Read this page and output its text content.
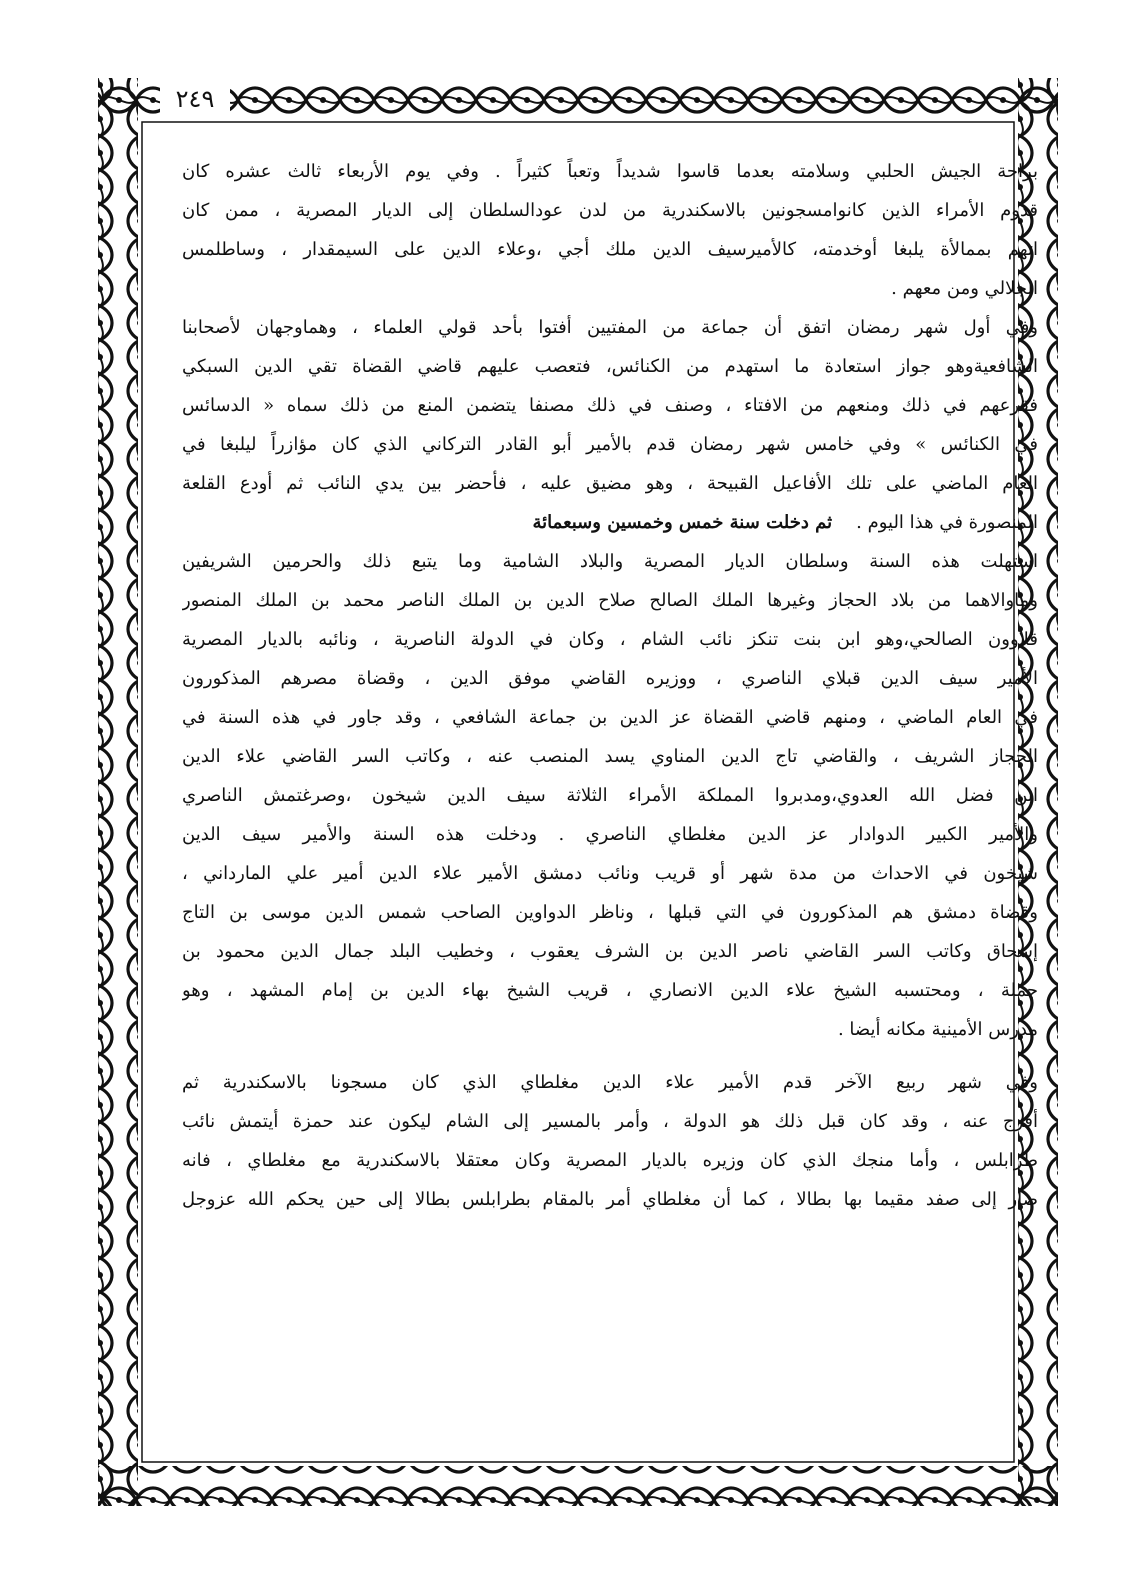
٢٤٩

براحة الجيش الحلبي وسلامته بعدما قاسوا شديداً وتعباً كثيراً . وفي يوم الأربعاء ثالث عشره كان

قدوم الأمراء الذين كانوامسجونين بالاسكندرية من لدن عودالسلطان إلى الديار المصرية ، ممن كان

اتهم بممالأة يلبغا أوخدمته، كالأميرسيف الدين ملك أجي ،وعلاء الدين على السيمقدار ، وساطلمس

الجلالي ومن معهم .

وفي أول شهر رمضان اتفق أن جماعة من المفتيين أفتوا بأحد قولي العلماء ، وهماوجهان لأصحابنا

الشافعيةوهو جواز استعادة ما استهدم من الكنائس، فتعصب عليهم قاضي القضاة تقي الدين السبكي

فقرعهم في ذلك ومنعهم من الافتاء ، وصنف في ذلك مصنفا يتضمن المنع من ذلك سماه « الدسائس

في الكنائس » وفي خامس شهر رمضان قدم بالأمير أبو القادر التركاني الذي كان مؤازراً ليلبغا في

العام الماضي على تلك الأفاعيل القبيحة ، وهو مضيق عليه ، فأحضر بين يدي النائب ثم أودع القلعة

المنصورة في هذا اليوم .ثم دخلت سنة خمس وخمسين وسبعمائة

استهلت هذه السنة وسلطان الديار المصرية والبلاد الشامية وما يتبع ذلك والحرمين الشريفين

وماوالاهما من بلاد الحجاز وغيرها الملك الصالح صلاح الدين بن الملك الناصر محمد بن الملك المنصور

قلاوون الصالحي،وهو ابن بنت تنكز نائب الشام ، وكان في الدولة الناصرية ، ونائبه بالديار المصرية

الأمير سيف الدين قبلاي الناصري ، ووزيره القاضي موفق الدين ، وقضاة مصرهم المذكورون

في العام الماضي ، ومنهم قاضي القضاة عز الدين بن جماعة الشافعي ، وقد جاور في هذه السنة في

الحجاز الشريف ، والقاضي تاج الدين المناوي يسد المنصب عنه ، وكاتب السر القاضي علاء الدين

ابن فضل الله العدوي،ومدبروا المملكة الأمراء الثلاثة سيف الدين شيخون ،وصرغتمش الناصري

والأمير الكبير الدوادار عز الدين مغلطاي الناصري . ودخلت هذه السنة والأمير سيف الدين

شيخون في الاحداث من مدة شهر أو قريب ونائب دمشق الأمير علاء الدين أمير علي المارداني ،

وقضاة دمشق هم المذكورون في التي قبلها ، وناظر الدواوين الصاحب شمس الدين موسى بن التاج

إسحاق وكاتب السر القاضي ناصر الدين بن الشرف يعقوب ، وخطيب البلد جمال الدين محمود بن

جملة ، ومحتسبه الشيخ علاء الدين الانصاري ، قريب الشيخ بهاء الدين بن إمام المشهد ، وهو

مدرس الأمينية مكانه أيضا .

وفي شهر ربيع الآخر قدم الأمير علاء الدين مغلطاي الذي كان مسجونا بالاسكندرية ثم

أفرج عنه ، وقد كان قبل ذلك هو الدولة ، وأمر بالمسير إلى الشام ليكون عند حمزة أيتمش نائب

طرابلس ، وأما منجك الذي كان وزيره بالديار المصرية وكان معتقلا بالاسكندرية مع مغلطاي ، فانه

صار إلى صفد مقيما بها بطالا ، كما أن مغلطاي أمر بالمقام بطرابلس بطالا إلى حين يحكم الله عزوجل
